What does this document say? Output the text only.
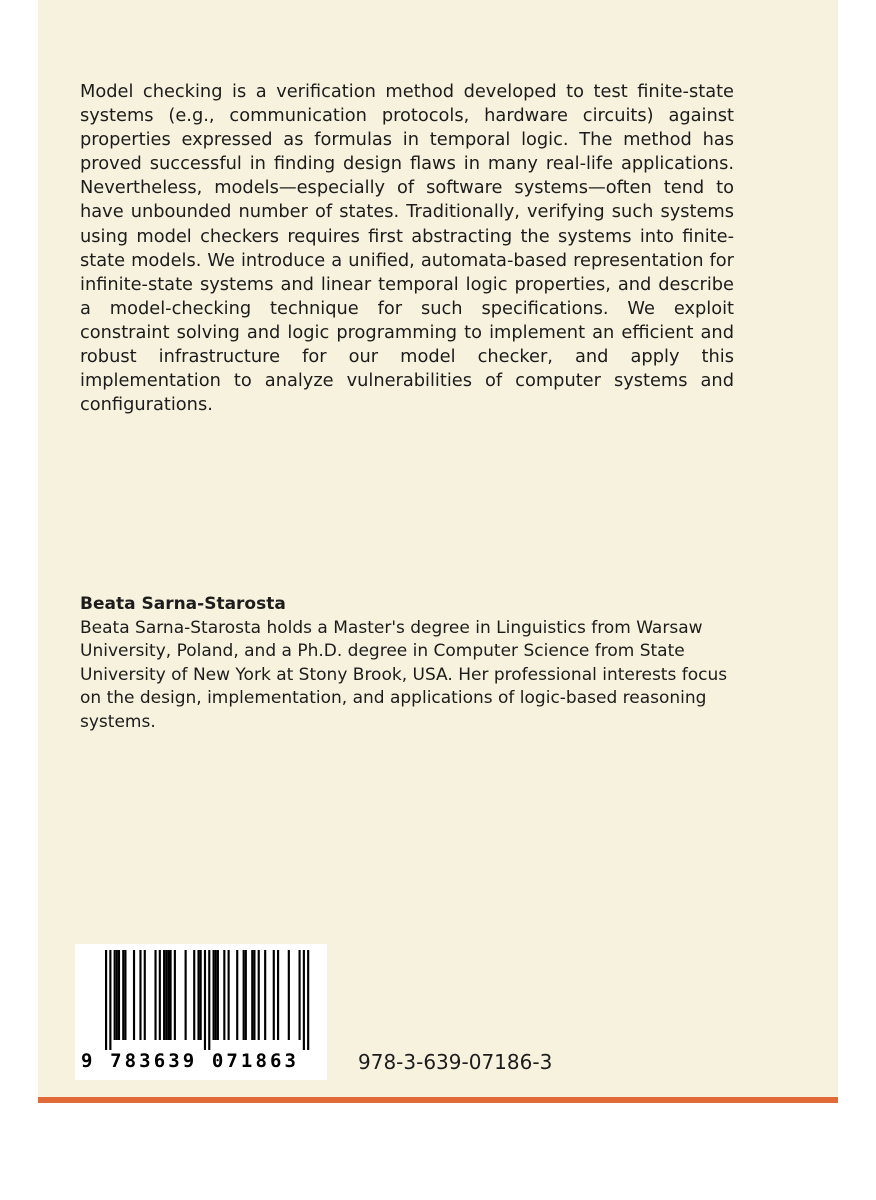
Model checking is a verification method developed to test finite-state systems (e.g., communication protocols, hardware circuits) against properties expressed as formulas in temporal logic. The method has proved successful in finding design flaws in many real-life applications. Nevertheless, models—especially of software systems—often tend to have unbounded number of states. Traditionally, verifying such systems using model checkers requires first abstracting the systems into finite-state models. We introduce a unified, automata-based representation for infinite-state systems and linear temporal logic properties, and describe a model-checking technique for such specifications. We exploit constraint solving and logic programming to implement an efficient and robust infrastructure for our model checker, and apply this implementation to analyze vulnerabilities of computer systems and configurations.

Beata Sarna-Starosta
Beata Sarna-Starosta holds a Master's degree in Linguistics from Warsaw University, Poland, and a Ph.D. degree in Computer Science from State University of New York at Stony Brook, USA. Her professional interests focus on the design, implementation, and applications of logic-based reasoning systems.
9 783639 071863	978-3-639-07186-3
